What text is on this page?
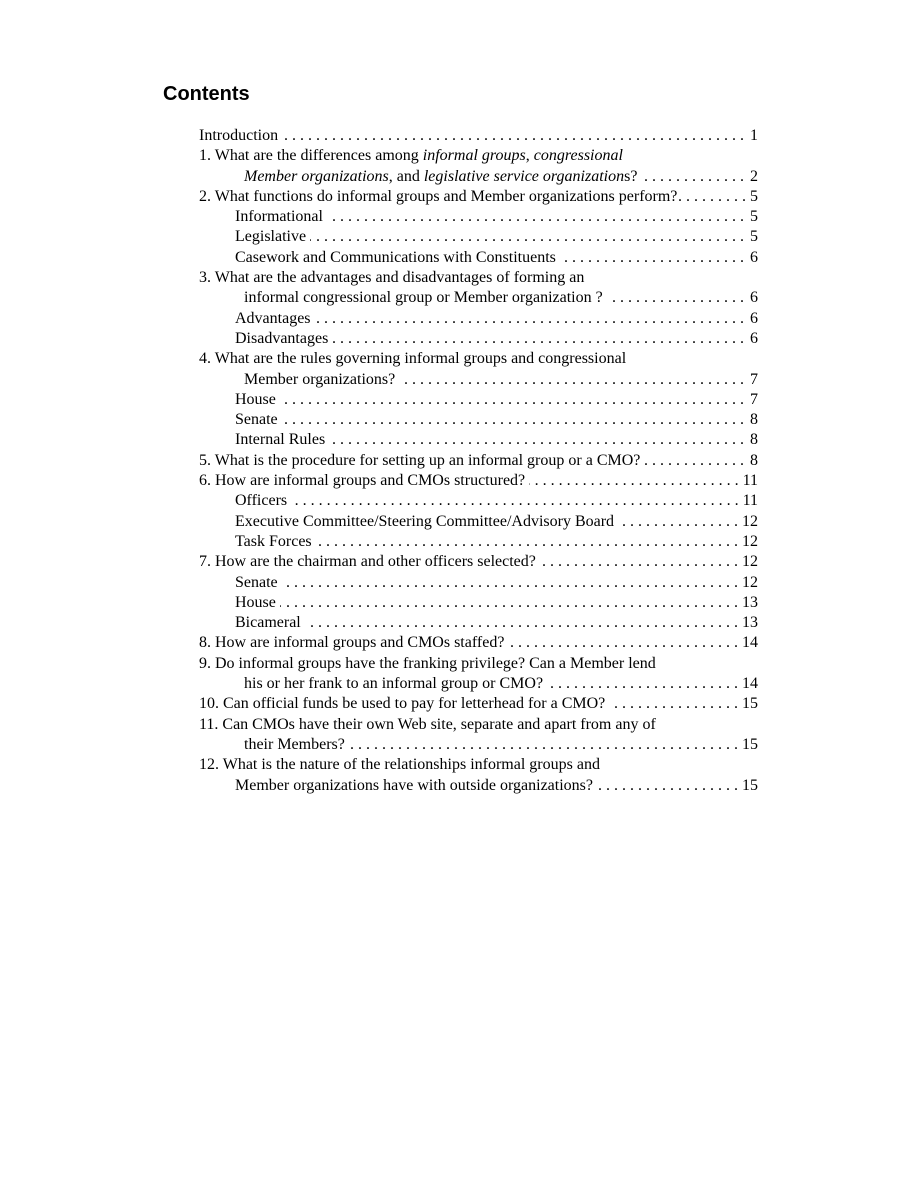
Contents
Introduction . . .	1
1. What are the differences among informal groups, congressional
Member organizations, and legislative service organizations? . . .	2
2. What functions do informal groups and Member organizations perform? . . .	5
Informational . . .	5
Legislative . . .	5
Casework and Communications with Constituents . . .	6
3. What are the advantages and disadvantages of forming an
informal congressional group or Member organization ? . . .	6
Advantages . . .	6
Disadvantages . . .	6
4. What are the rules governing informal groups and congressional
Member organizations? . . .	7
House . . .	7
Senate . . .	8
Internal Rules . . .	8
5. What is the procedure for setting up an informal group or a CMO? . . .	8
6. How are informal groups and CMOs structured? . . .	11
Officers . . .	11
Executive Committee/Steering Committee/Advisory Board . . .	12
Task Forces . . .	12
7. How are the chairman and other officers selected? . . .	12
Senate . . .	12
House . . .	13
Bicameral . . .	13
8. How are informal groups and CMOs staffed? . . .	14
9. Do informal groups have the franking privilege? Can a Member lend
his or her frank to an informal group or CMO? . . .	14
10. Can official funds be used to pay for letterhead for a CMO? . . .	15
11. Can CMOs have their own Web site, separate and apart from any of
their Members? . . .	15
12. What is the nature of the relationships informal groups and
Member organizations have with outside organizations? . . .	15
